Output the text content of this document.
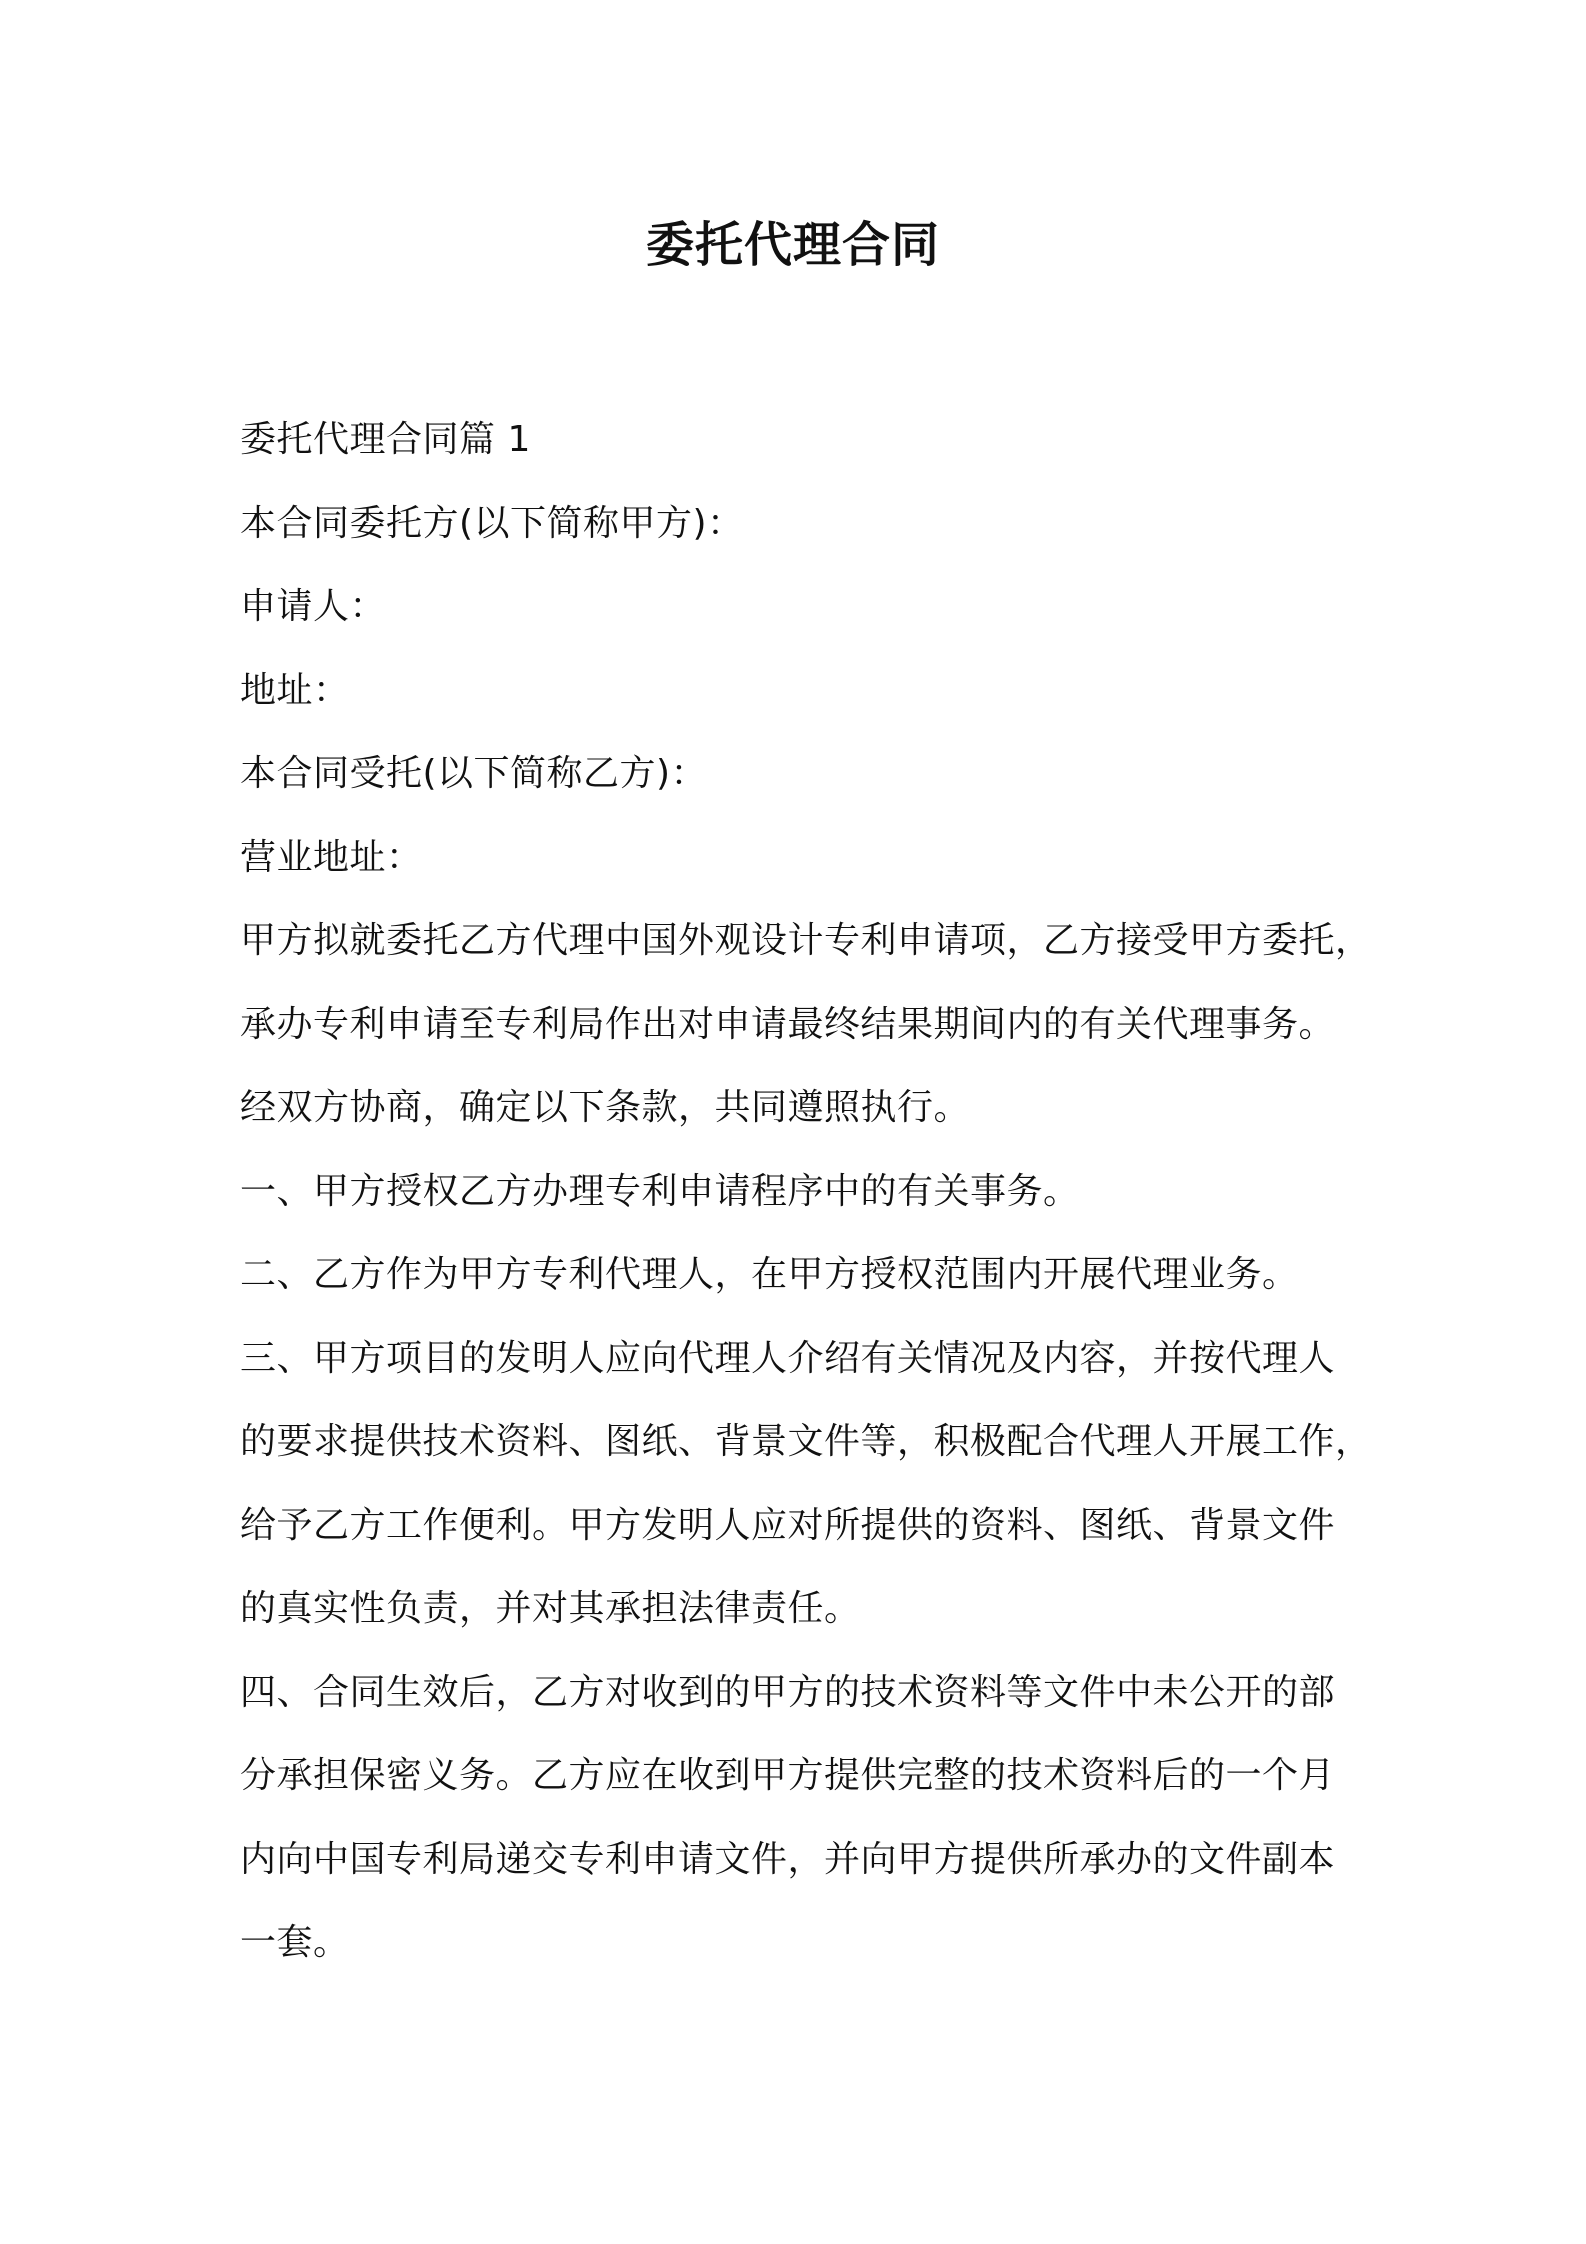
委托代理合同
委托代理合同篇 1
本合同委托方(以下简称甲方)：
申请人：
地址：
本合同受托(以下简称乙方)：
营业地址：
甲方拟就委托乙方代理中国外观设计专利申请项，乙方接受甲方委托，
承办专利申请至专利局作出对申请最终结果期间内的有关代理事务。
经双方协商，确定以下条款，共同遵照执行。
一、甲方授权乙方办理专利申请程序中的有关事务。
二、乙方作为甲方专利代理人，在甲方授权范围内开展代理业务。
三、甲方项目的发明人应向代理人介绍有关情况及内容，并按代理人
的要求提供技术资料、图纸、背景文件等，积极配合代理人开展工作，
给予乙方工作便利。甲方发明人应对所提供的资料、图纸、背景文件
的真实性负责，并对其承担法律责任。
四、合同生效后，乙方对收到的甲方的技术资料等文件中未公开的部
分承担保密义务。乙方应在收到甲方提供完整的技术资料后的一个月
内向中国专利局递交专利申请文件，并向甲方提供所承办的文件副本
一套。
